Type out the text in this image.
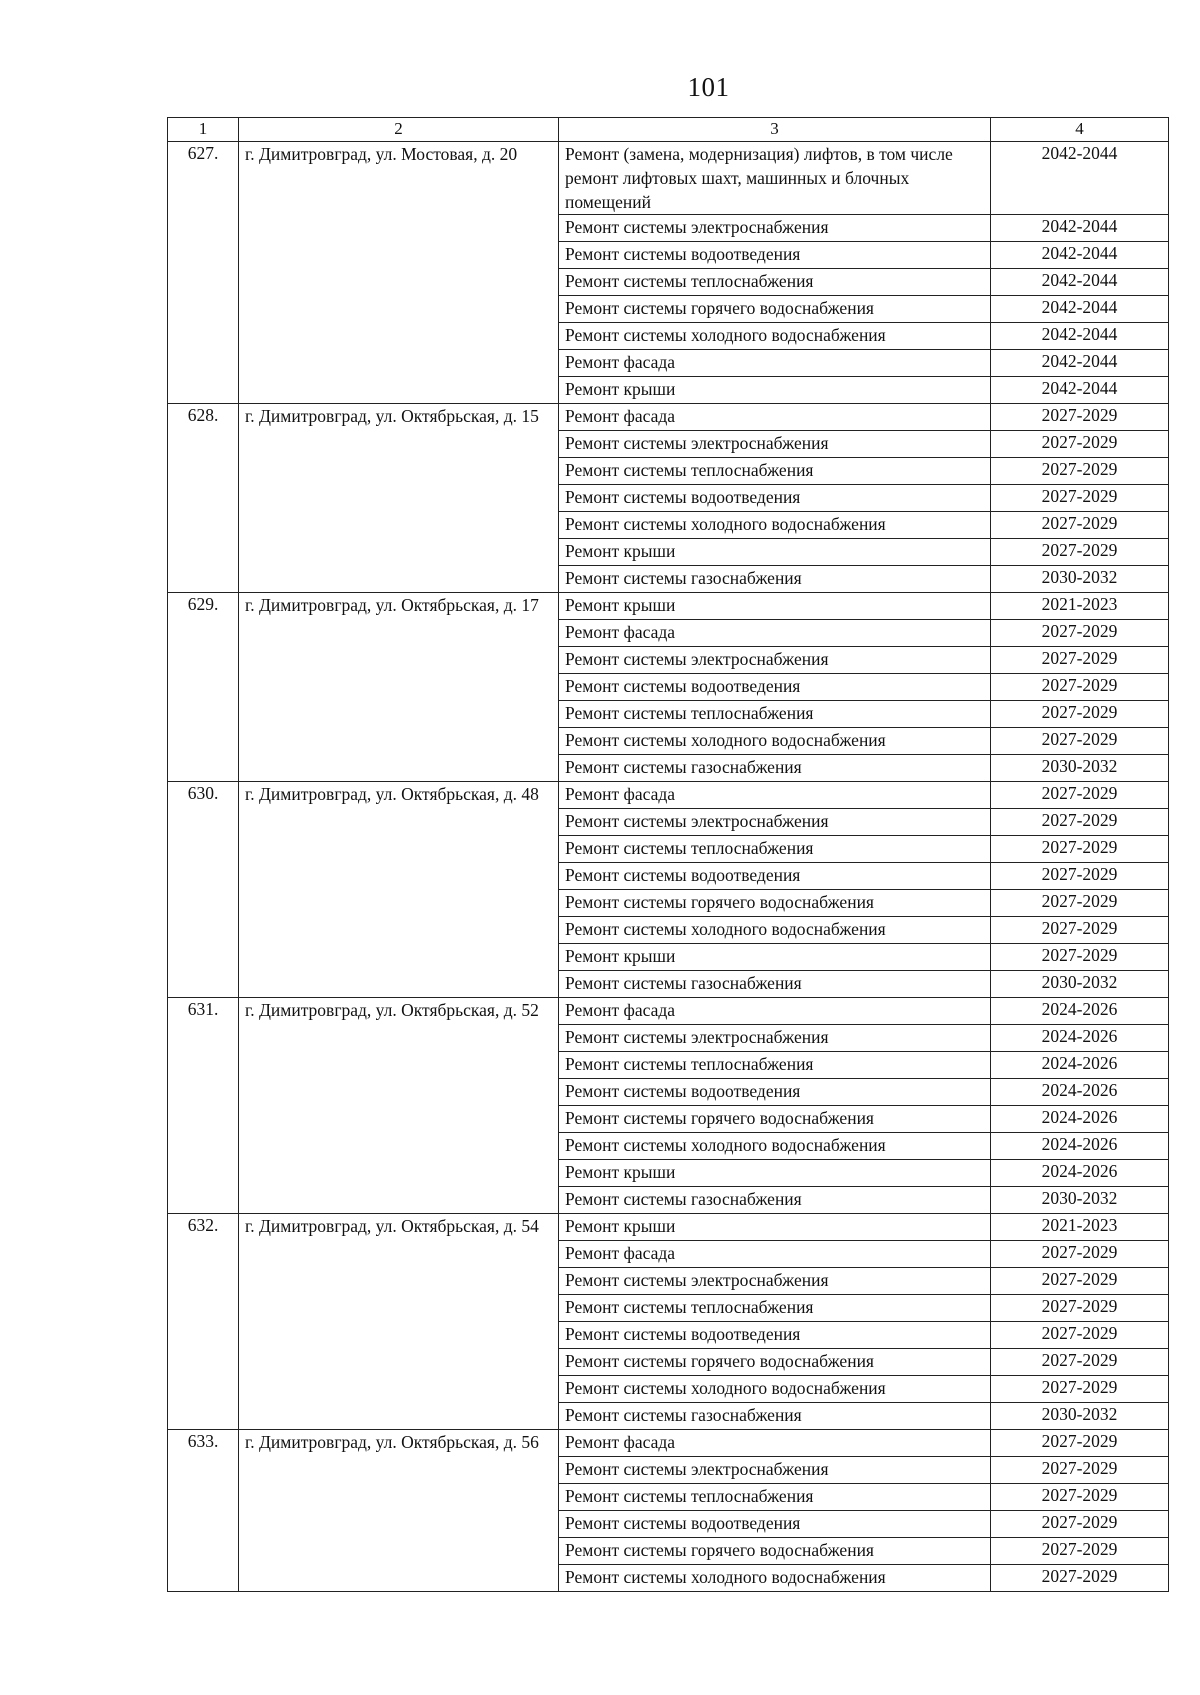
101
1	2	3	4
627.	г. Димитровград, ул. Мостовая, д. 20	Ремонт (замена, модернизация) лифтов, в том числе ремонт лифтовых шахт, машинных и блочных помещений	2042-2044
		Ремонт системы электроснабжения	2042-2044
		Ремонт системы водоотведения	2042-2044
		Ремонт системы теплоснабжения	2042-2044
		Ремонт системы горячего водоснабжения	2042-2044
		Ремонт системы холодного водоснабжения	2042-2044
		Ремонт фасада	2042-2044
		Ремонт крыши	2042-2044
628.	г. Димитровград, ул. Октябрьская, д. 15	Ремонт фасада	2027-2029
		Ремонт системы электроснабжения	2027-2029
		Ремонт системы теплоснабжения	2027-2029
		Ремонт системы водоотведения	2027-2029
		Ремонт системы холодного водоснабжения	2027-2029
		Ремонт крыши	2027-2029
		Ремонт системы газоснабжения	2030-2032
629.	г. Димитровград, ул. Октябрьская, д. 17	Ремонт крыши	2021-2023
		Ремонт фасада	2027-2029
		Ремонт системы электроснабжения	2027-2029
		Ремонт системы водоотведения	2027-2029
		Ремонт системы теплоснабжения	2027-2029
		Ремонт системы холодного водоснабжения	2027-2029
		Ремонт системы газоснабжения	2030-2032
630.	г. Димитровград, ул. Октябрьская, д. 48	Ремонт фасада	2027-2029
		Ремонт системы электроснабжения	2027-2029
		Ремонт системы теплоснабжения	2027-2029
		Ремонт системы водоотведения	2027-2029
		Ремонт системы горячего водоснабжения	2027-2029
		Ремонт системы холодного водоснабжения	2027-2029
		Ремонт крыши	2027-2029
		Ремонт системы газоснабжения	2030-2032
631.	г. Димитровград, ул. Октябрьская, д. 52	Ремонт фасада	2024-2026
		Ремонт системы электроснабжения	2024-2026
		Ремонт системы теплоснабжения	2024-2026
		Ремонт системы водоотведения	2024-2026
		Ремонт системы горячего водоснабжения	2024-2026
		Ремонт системы холодного водоснабжения	2024-2026
		Ремонт крыши	2024-2026
		Ремонт системы газоснабжения	2030-2032
632.	г. Димитровград, ул. Октябрьская, д. 54	Ремонт крыши	2021-2023
		Ремонт фасада	2027-2029
		Ремонт системы электроснабжения	2027-2029
		Ремонт системы теплоснабжения	2027-2029
		Ремонт системы водоотведения	2027-2029
		Ремонт системы горячего водоснабжения	2027-2029
		Ремонт системы холодного водоснабжения	2027-2029
		Ремонт системы газоснабжения	2030-2032
633.	г. Димитровград, ул. Октябрьская, д. 56	Ремонт фасада	2027-2029
		Ремонт системы электроснабжения	2027-2029
		Ремонт системы теплоснабжения	2027-2029
		Ремонт системы водоотведения	2027-2029
		Ремонт системы горячего водоснабжения	2027-2029
		Ремонт системы холодного водоснабжения	2027-2029
